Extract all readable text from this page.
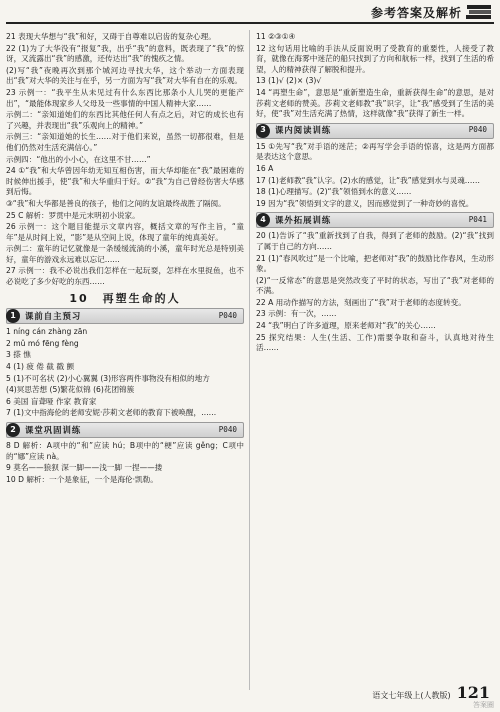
参考答案及解析

21 表现大华想与“我”和好，又碍于自尊难以启齿的复杂心理。

22 (1)为了大华没有“报复”我，出乎“我”的意料，既表现了“我”的惊讶，又流露出“我”的感激，还传达出“我”的愧疚之情。

(2)写“我”夜晚再次到那个城河边寻找大华，这个举动一方面表现出“我”对大华的关注与在乎，另一方面为写“我”对大华有自在的乐观。

23 示例一：“我平生从未见过有什么东西比那条小人儿哭的更能产出”，“最能体现家乡人父母及一些事情的中国人精神大家……

示例二：“亲知道她们的东西比其他任何人有点之后，对它的成长也有了兴趣，并表现出“我”乐观向上的精神。”

示例三：“亲知道她的长生……对于他们来说，虽然一切都很难，但是他们仍然对生活充满信心。”

示例四：“他出的小小心，在这里不甘……”

24 ①“我”和大华曾因年幼无知互相伤害，而大华却能在“我”最困难的时候伸出援手，使“我”和大华重归于好。②“我”为自己曾经伤害大华感到后悔。

③“我”和大华都是善良的孩子，他们之间的友谊最终战胜了隔阂。

25 C 解析：罗贯中是元末明初小说家。

26 示例一：这个题目能提示文章内容，概括文章的写作主旨，“童年”是从时间上说，“影”是从空间上说，体现了童年的纯真美好。

示例二：童年的记忆就像是一条缓缓流淌的小溪，童年时光总是特别美好，童年的游戏永远难以忘记……

27 示例一：我不必说出我们怎样在一起玩耍，怎样在水里捉鱼，也不必说吃了多少好吃的东西……

10 再塑生命的人
1	课前自主预习	P040

1 níng cán zhàng zān

2 mǔ mó fēng fèng

3 搽 憔

4 (1) 疲 倦 截 戳 颤

5 (1)不可名状 (2)小心翼翼 (3)形容两件事物没有相似的地方

(4)冥思苦想 (5)繁花似锦 (6)花团锦簇

6 美国 盲聋哑 作家 教育家

7 (1)文中指海伦的老师安妮·莎莉文老师的教育下被唤醒，……

2	课堂巩固训练	P040

8 D 解析：A项中的“和”应读 hú；B项中的“梗”应读 gěng；C项中的“娜”应读 nà。

9 莫名——狼狈 深一脚——浅一脚 一捏——搂

10 D 解析：一个是象征，一个是海伦·凯勒。

11 ②③①④

12 这句话用比喻的手法从反面说明了受教育的重要性，人接受了教育，就像在海雾中迷茫的船只找到了方向和航标一样，找到了生活的希望，人的精神获得了解脱和提升。

13 (1)√ (2)× (3)√

14 “再塑生命”，意思是“重新塑造生命，重新获得生命”的意思，是对莎莉文老师的赞美。莎莉文老师教“我”识字，让“我”感受到了生活的美好，使“我”对生活充满了热情，这样就像“我”获得了新生一样。

3	课内阅读训练	P040

15 ①先写“我”对手语的迷茫；②再写学会手语的惊喜，这是两方面都是表达这个意思。

16 A

17 (1)老师教“我”认字。(2)水的感觉，让“我”感觉到水与灵魂……

18 (1)心理描写。(2)“我”领悟到水的意义……

19 因为“我”领悟到文字的意义，因而感觉到了一种奇妙的喜悦。

4	课外拓展训练	P041

20 (1)告诉了“我”重新找到了自我，得到了老师的鼓励。(2)“我”找到了属于自己的方向……

21 (1)“春风吹过”是一个比喻，把老师对“我”的鼓励比作春风，生动形象。

(2)“一反常态”的意思是突然改变了平时的状态，写出了“我”对老师的不满。

22 A 用动作描写的方法，刻画出了“我”对于老师的态度转变。

23 示例：有一次，……

24 “我”明白了许多道理，原来老师对“我”的关心……

25 探究结果：人生(生活、工作)需要争取和奋斗，认真地对待生活……

语文七年级上(人教版) 121
答案圈
